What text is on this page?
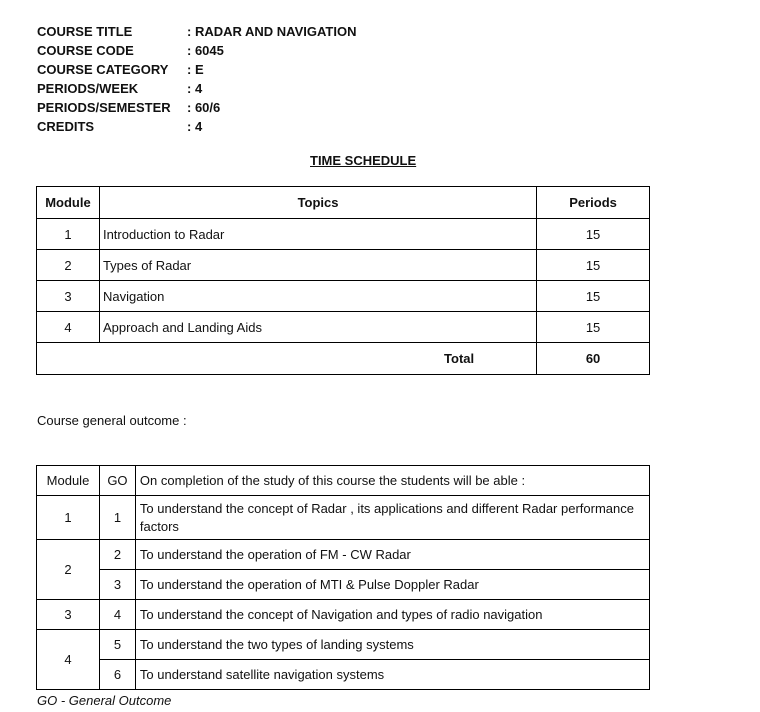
COURSE TITLE	: RADAR AND NAVIGATION
COURSE CODE	: 6045
COURSE CATEGORY	: E
PERIODS/WEEK	: 4
PERIODS/SEMESTER	: 60/6
CREDITS	: 4
TIME SCHEDULE
Module	Topics	Periods
1	Introduction to Radar	15
2	Types of Radar	15
3	Navigation	15
4	Approach and Landing Aids	15
Total		60
Course general outcome :
Module	GO	On completion of the study of this course the students will be able :
1	1	To understand the concept of Radar , its applications and different Radar performance factors
2	2	To understand the operation of FM - CW Radar
	3	To understand the operation of MTI & Pulse Doppler Radar
3	4	To understand the concept of Navigation and types of radio navigation
4	5	To understand the two types of landing systems
	6	To understand satellite navigation systems
GO - General Outcome
